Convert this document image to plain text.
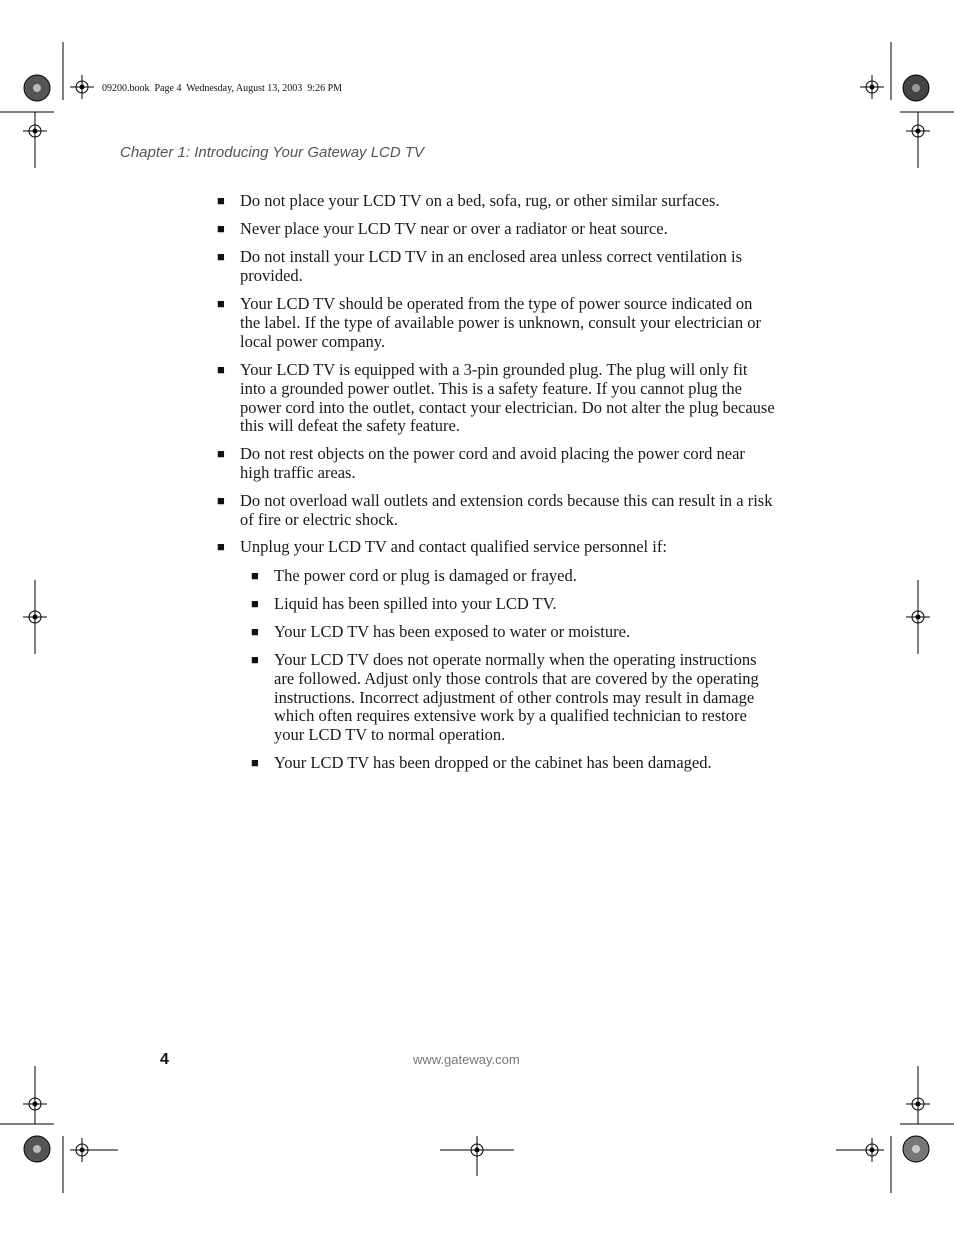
09200.book  Page 4  Wednesday, August 13, 2003  9:26 PM
Chapter 1: Introducing Your Gateway LCD TV
■ Do not place your LCD TV on a bed, sofa, rug, or other similar surfaces.
■ Never place your LCD TV near or over a radiator or heat source.
■ Do not install your LCD TV in an enclosed area unless correct ventilation is provided.
■ Your LCD TV should be operated from the type of power source indicated on the label. If the type of available power is unknown, consult your electrician or local power company.
■ Your LCD TV is equipped with a 3-pin grounded plug. The plug will only fit into a grounded power outlet. This is a safety feature. If you cannot plug the power cord into the outlet, contact your electrician. Do not alter the plug because this will defeat the safety feature.
■ Do not rest objects on the power cord and avoid placing the power cord near high traffic areas.
■ Do not overload wall outlets and extension cords because this can result in a risk of fire or electric shock.
■ Unplug your LCD TV and contact qualified service personnel if:
■ The power cord or plug is damaged or frayed.
■ Liquid has been spilled into your LCD TV.
■ Your LCD TV has been exposed to water or moisture.
■ Your LCD TV does not operate normally when the operating instructions are followed. Adjust only those controls that are covered by the operating instructions. Incorrect adjustment of other controls may result in damage which often requires extensive work by a qualified technician to restore your LCD TV to normal operation.
■ Your LCD TV has been dropped or the cabinet has been damaged.
4	www.gateway.com
